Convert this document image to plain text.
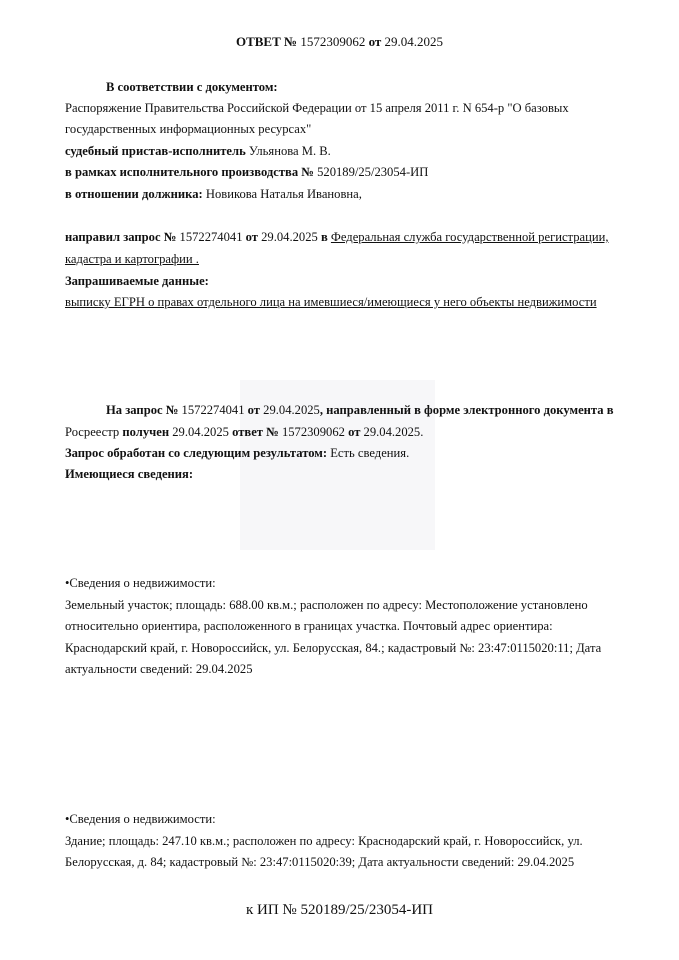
ОТВЕТ № 1572309062 от 29.04.2025
В соответствии с документом:
Распоряжение Правительства Российской Федерации от 15 апреля 2011 г. N 654-р "О базовых
государственных информационных ресурсах"
судебный пристав-исполнитель Ульянова М. В.
в рамках исполнительного производства № 520189/25/23054-ИП
в отношении должника: Новикова Наталья Ивановна,
направил запрос № 1572274041 от 29.04.2025 в Федеральная служба государственной регистрации,
кадастра и картографии .
Запрашиваемые данные:
выписку ЕГРН о правах отдельного лица на имевшиеся/имеющиеся у него объекты недвижимости
На запрос № 1572274041 от 29.04.2025, направленный в форме электронного документа в
Росреестр получен 29.04.2025 ответ № 1572309062 от 29.04.2025.
Запрос обработан со следующим результатом: Есть сведения.
Имеющиеся сведения:
•Сведения о недвижимости:
Земельный участок; площадь: 688.00 кв.м.; расположен по адресу: Местоположение установлено
относительно ориентира, расположенного в границах участка. Почтовый адрес ориентира:
Краснодарский край, г. Новороссийск, ул. Белорусская, 84.; кадастровый №: 23:47:0115020:11; Дата
актуальности сведений: 29.04.2025
•Сведения о недвижимости:
Здание; площадь: 247.10 кв.м.; расположен по адресу: Краснодарский край, г. Новороссийск, ул.
Белорусская, д. 84; кадастровый №: 23:47:0115020:39; Дата актуальности сведений: 29.04.2025
к ИП № 520189/25/23054-ИП
